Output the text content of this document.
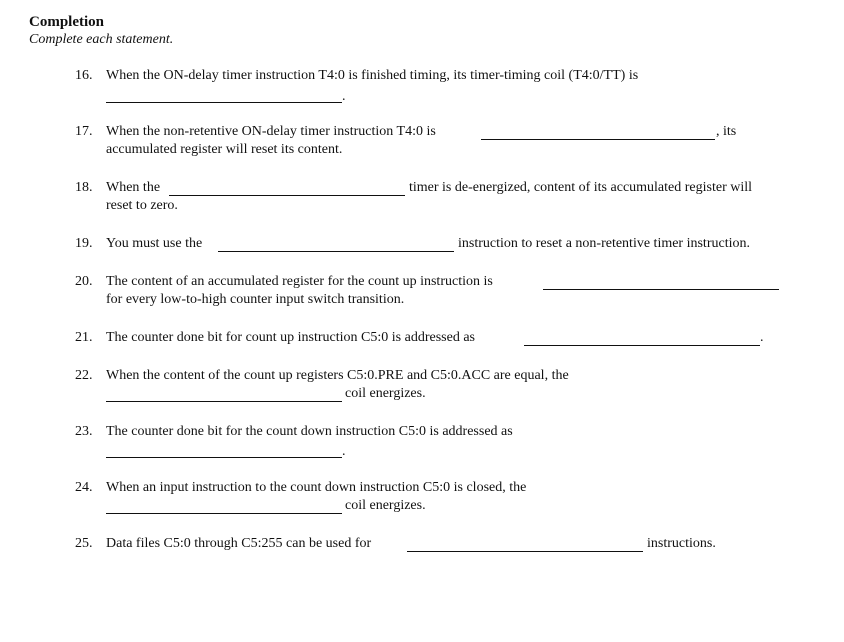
Completion
Complete each statement.
16. When the ON-delay timer instruction T4:0 is finished timing, its timer-timing coil (T4:0/TT) is
.
17. When the non-retentive ON-delay timer instruction T4:0 is	, its
accumulated register will reset its content.
18. When the	timer is de-energized, content of its accumulated register will
reset to zero.
19. You must use the	instruction to reset a non-retentive timer instruction.
20. The content of an accumulated register for the count up instruction is
for every low-to-high counter input switch transition.
21. The counter done bit for count up instruction C5:0 is addressed as	.
22. When the content of the count up registers C5:0.PRE and C5:0.ACC are equal, the
coil energizes.
23. The counter done bit for the count down instruction C5:0 is addressed as
.
24. When an input instruction to the count down instruction C5:0 is closed, the
coil energizes.
25. Data files C5:0 through C5:255 can be used for	instructions.
